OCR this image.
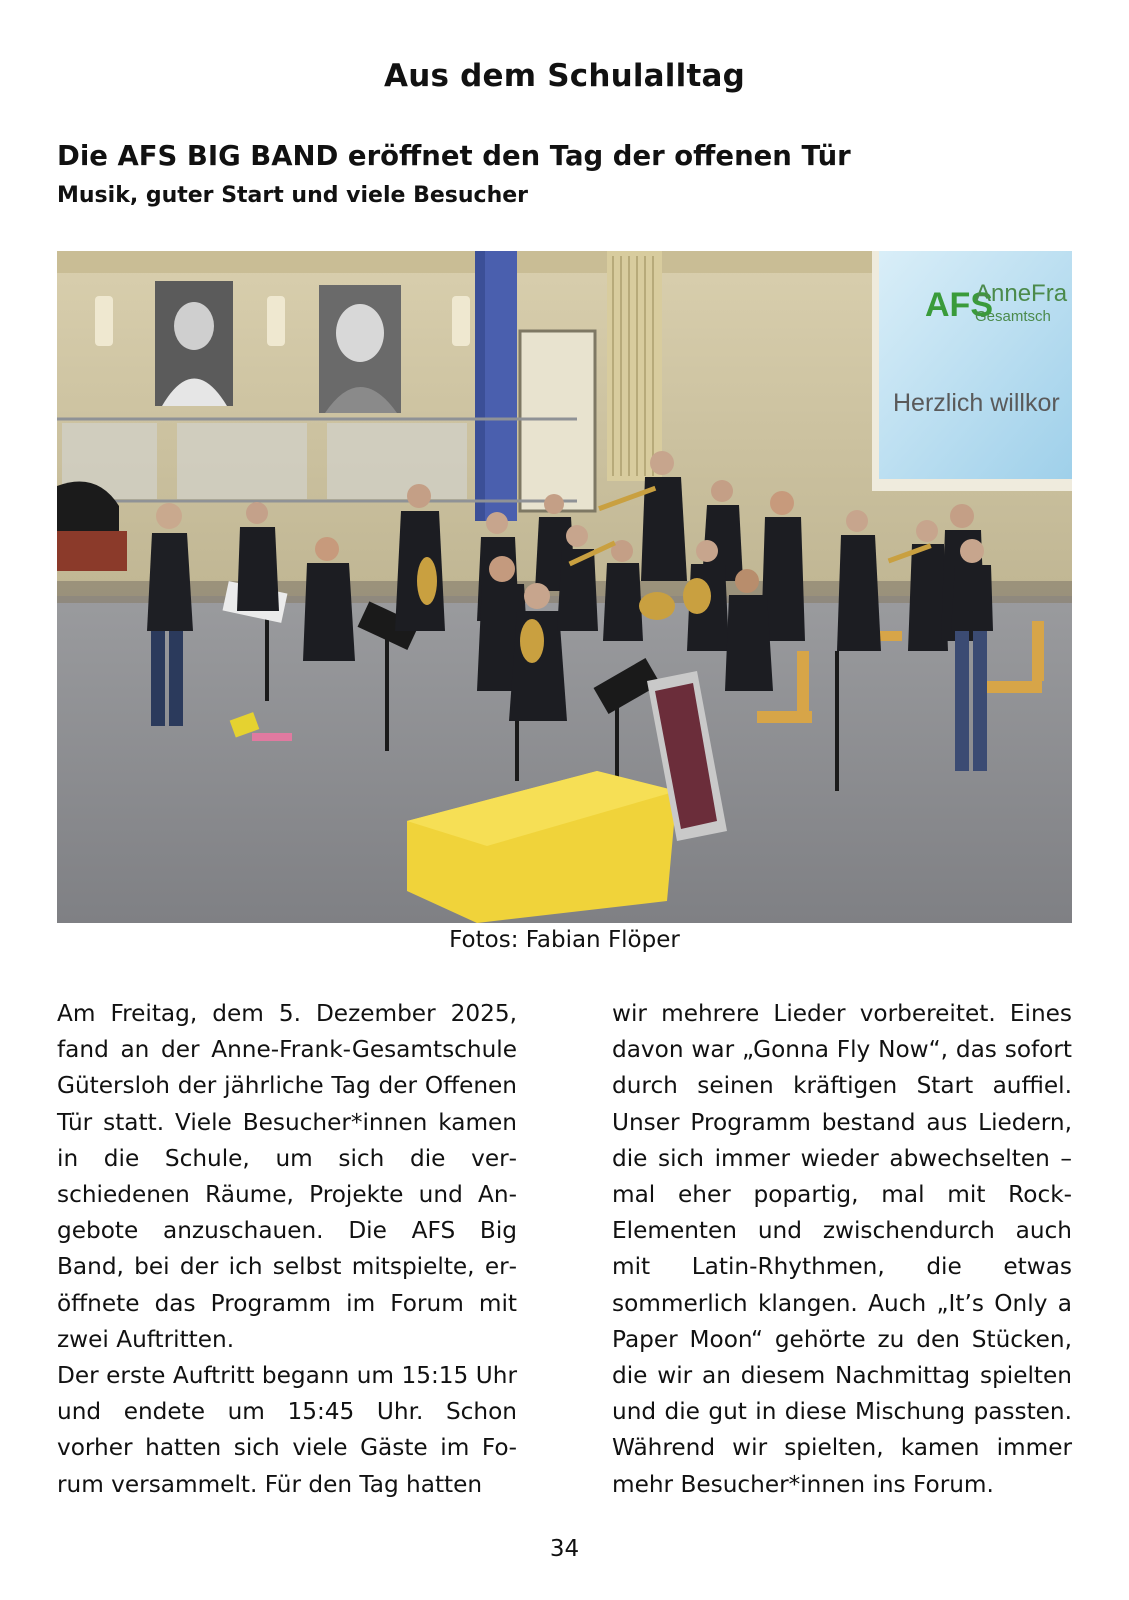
Aus dem Schulalltag
Die AFS BIG BAND eröffnet den Tag der offenen Tür
Musik, guter Start und viele Besucher
AFS
AnneFra
Gesamtsch
Herzlich willkor
Fotos: Fabian Flöper

Am Freitag, dem 5. Dezember 2025, fand an der Anne-Frank-Gesamtschule Gütersloh der jährliche Tag der Offenen Tür statt. Viele Besucher*innen kamen in die Schule, um sich die verschiedenen Räume, Projekte und Angebote anzuschauen. Die AFS Big Band, bei der ich selbst mitspielte, eröffnete das Programm im Forum mit zwei Auftritten.

Der erste Auftritt begann um 15:15 Uhr und endete um 15:45 Uhr. Schon vorher hatten sich viele Gäste im Forum versammelt. Für den Tag hatten

wir mehrere Lieder vorbereitet. Eines davon war „Gonna Fly Now“, das sofort durch seinen kräftigen Start auffiel. Unser Programm bestand aus Liedern, die sich immer wieder abwechselten – mal eher popartig, mal mit Rock-Elementen und zwischendurch auch mit Latin-Rhythmen, die etwas sommerlich klangen. Auch „It’s Only a Paper Moon“ gehörte zu den Stücken, die wir an diesem Nachmittag spielten und die gut in diese Mischung passten. Während wir spielten, kamen immer mehr Besucher*innen ins Forum.

34
